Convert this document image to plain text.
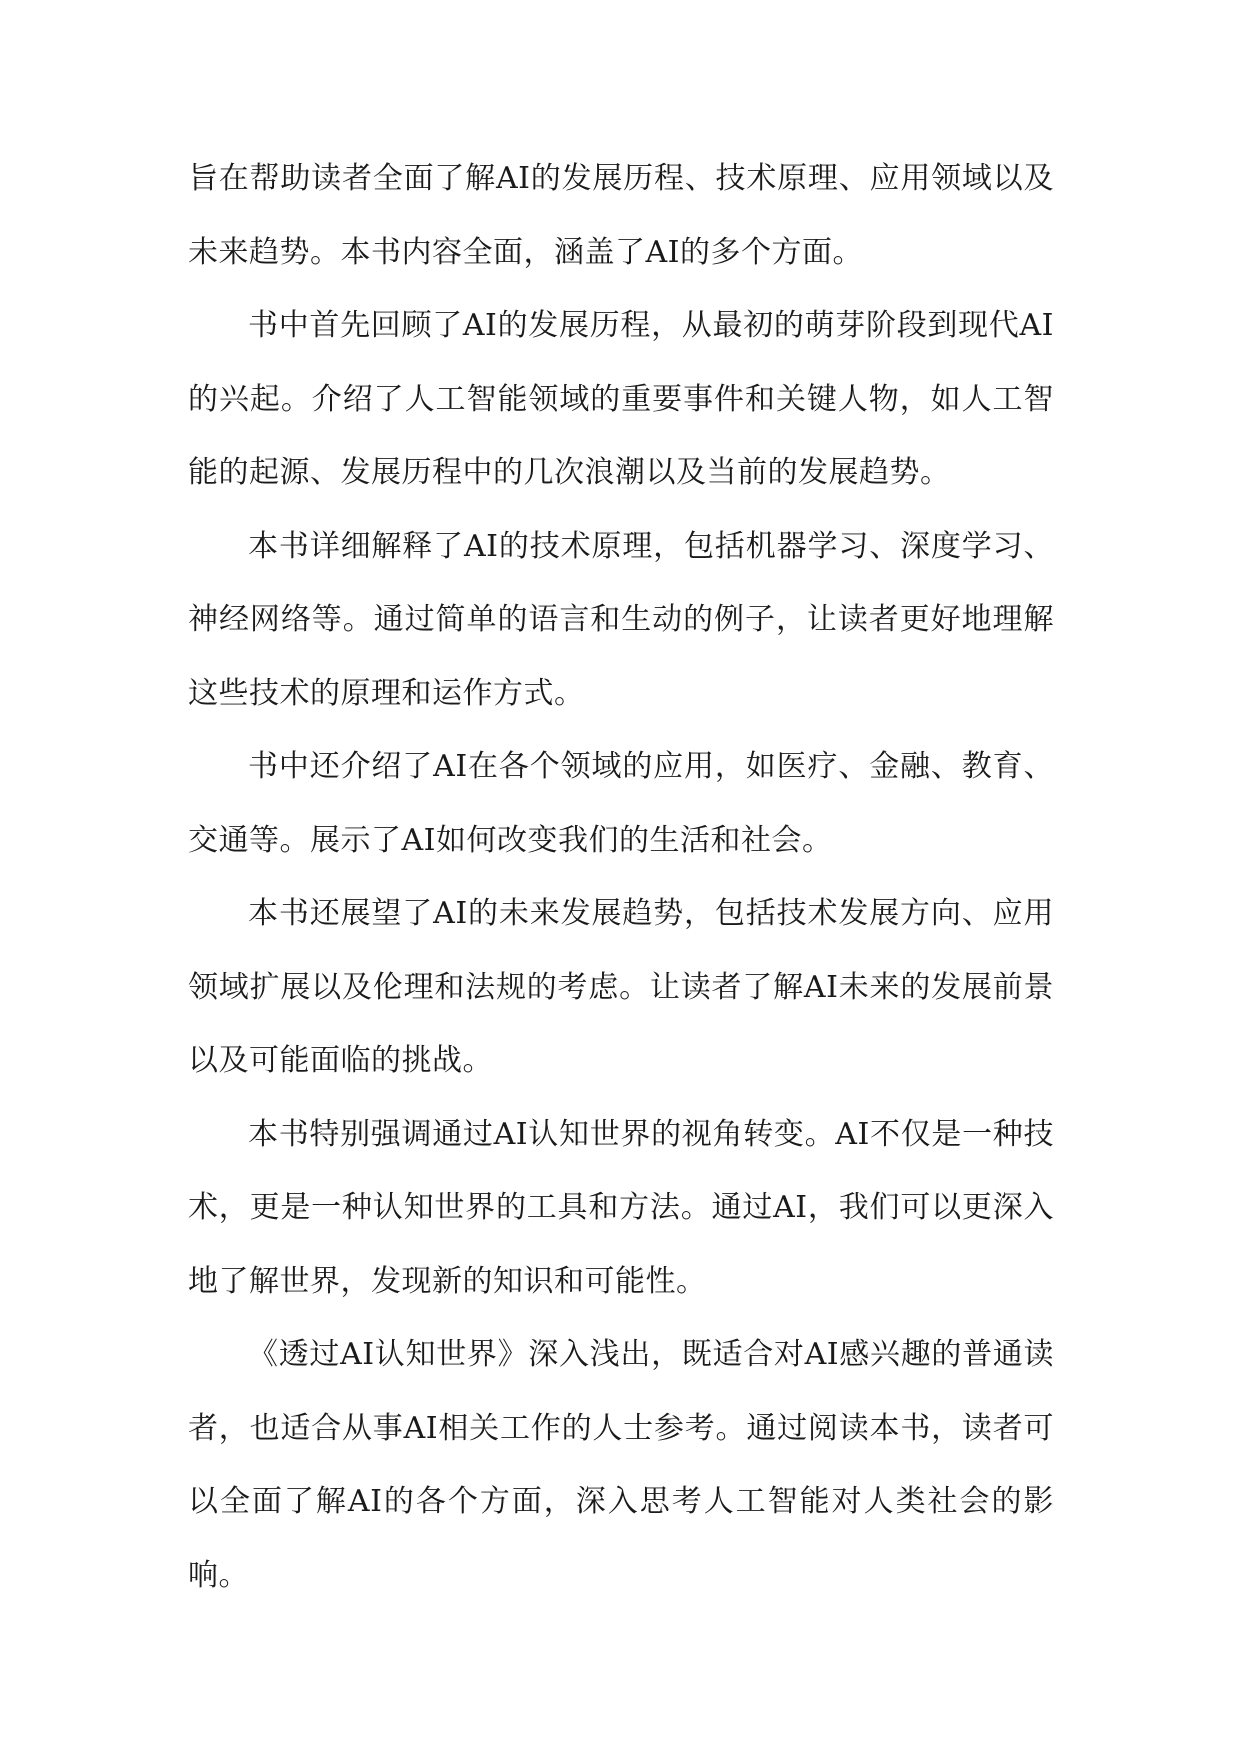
旨在帮助读者全面了解AI的发展历程、技术原理、应用领域以及未来趋势。本书内容全面，涵盖了AI的多个方面。

书中首先回顾了AI的发展历程，从最初的萌芽阶段到现代AI的兴起。介绍了人工智能领域的重要事件和关键人物，如人工智能的起源、发展历程中的几次浪潮以及当前的发展趋势。

本书详细解释了AI的技术原理，包括机器学习、深度学习、神经网络等。通过简单的语言和生动的例子，让读者更好地理解这些技术的原理和运作方式。

书中还介绍了AI在各个领域的应用，如医疗、金融、教育、交通等。展示了AI如何改变我们的生活和社会。

本书还展望了AI的未来发展趋势，包括技术发展方向、应用领域扩展以及伦理和法规的考虑。让读者了解AI未来的发展前景以及可能面临的挑战。

本书特别强调通过AI认知世界的视角转变。AI不仅是一种技术，更是一种认知世界的工具和方法。通过AI，我们可以更深入地了解世界，发现新的知识和可能性。

《透过AI认知世界》深入浅出，既适合对AI感兴趣的普通读者，也适合从事AI相关工作的人士参考。通过阅读本书，读者可以全面了解AI的各个方面，深入思考人工智能对人类社会的影响。
